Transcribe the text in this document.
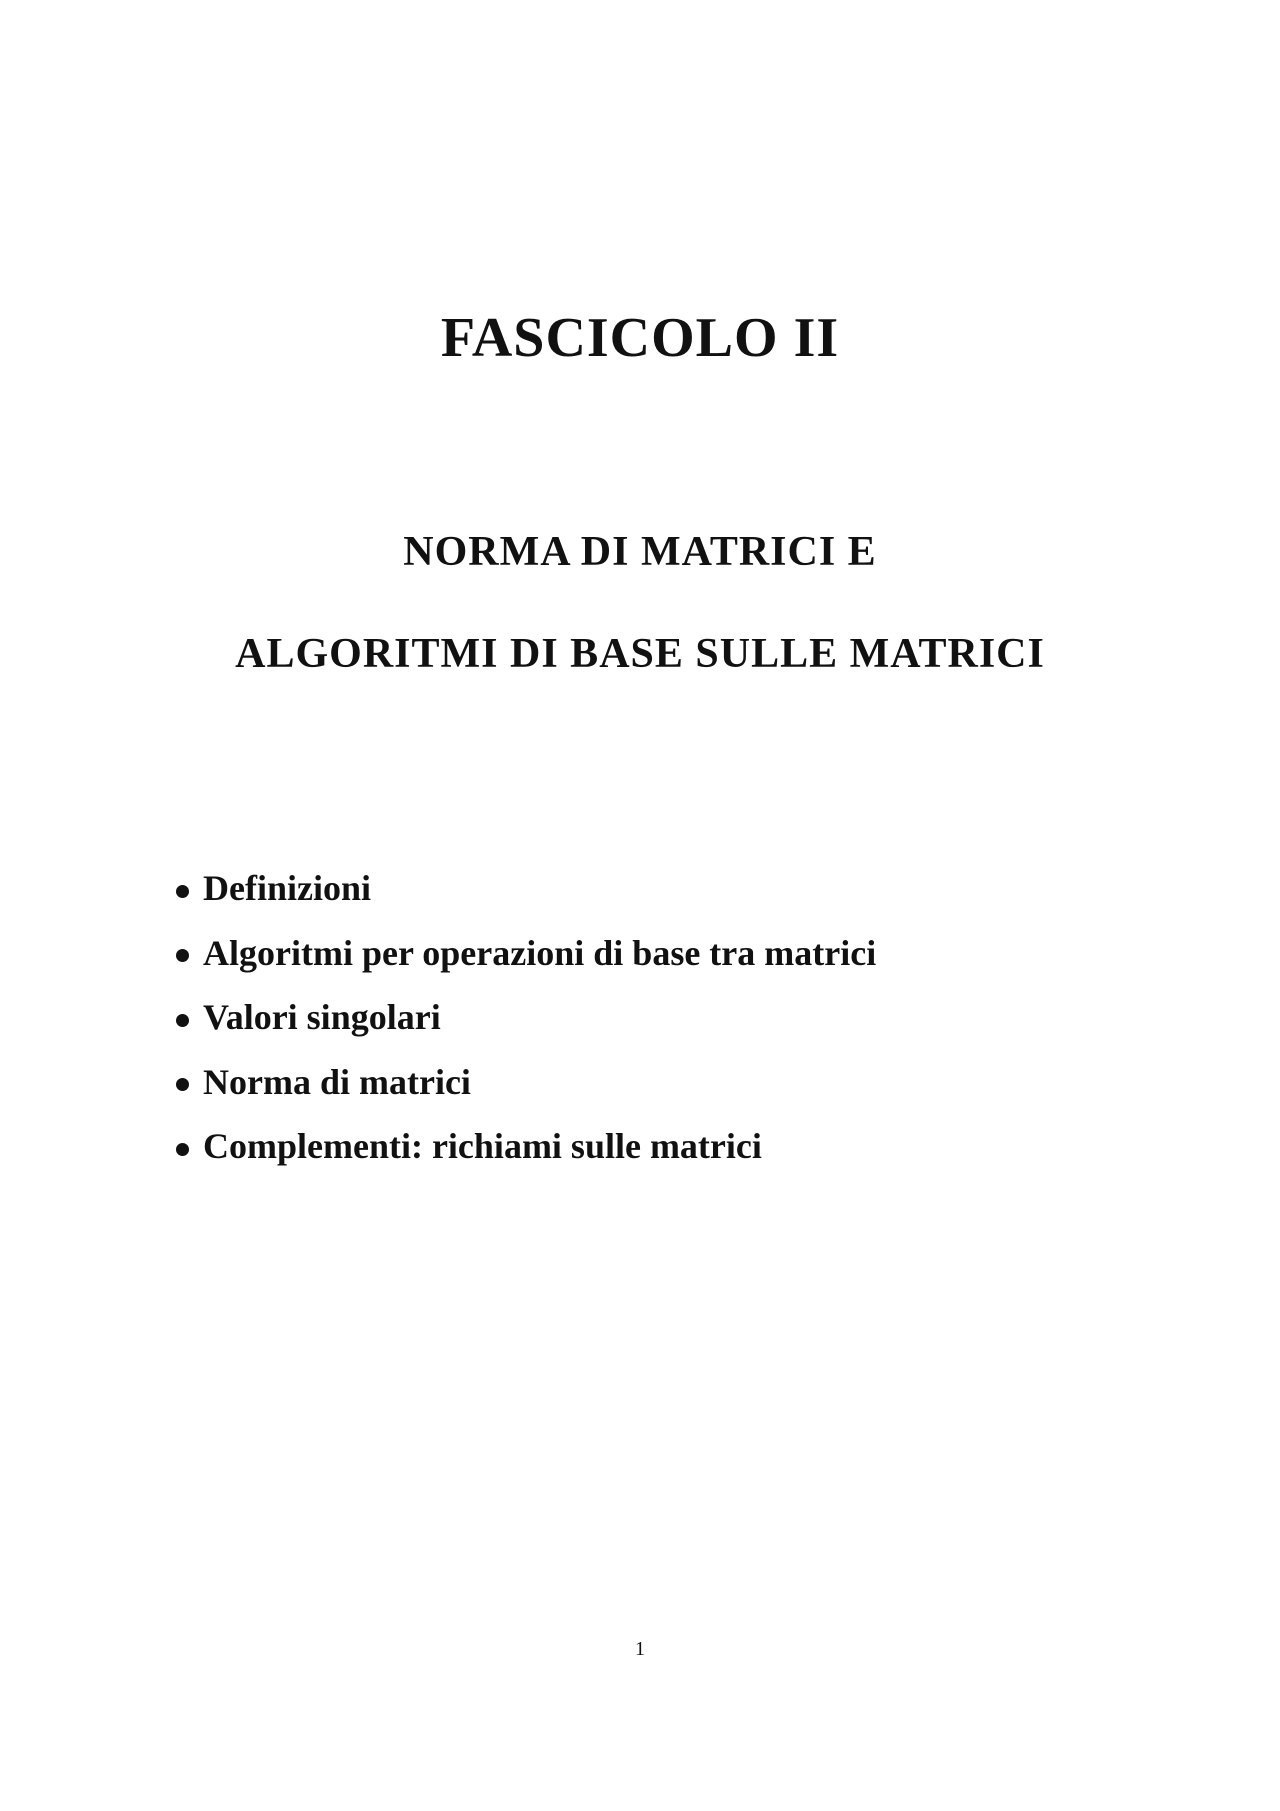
FASCICOLO II
NORMA DI MATRICI E
ALGORITMI DI BASE SULLE MATRICI
Definizioni
Algoritmi per operazioni di base tra matrici
Valori singolari
Norma di matrici
Complementi: richiami sulle matrici

1
